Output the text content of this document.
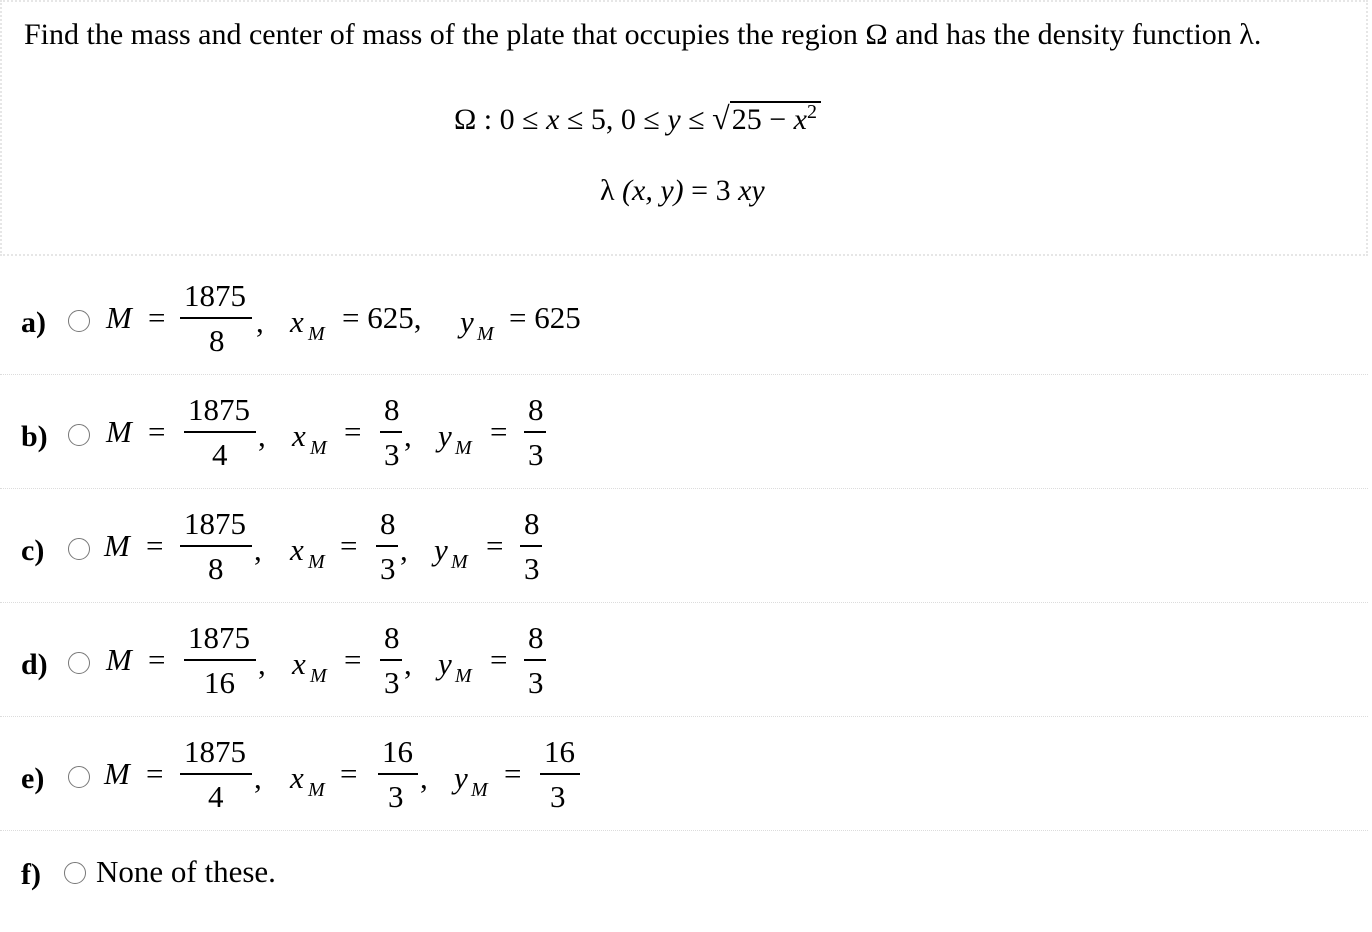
Find the mass and center of mass of the plate that occupies the region Ω and has the density function λ.
Ω : 0 ≤ x ≤ 5, $0 \le y \le √25 - x^2$
λ (x, y) = 3 xy
a) M =
1875
8
, x M = 625, y M = 625
b) M =
1875
4
, x M =
8
3
, y M =
8
3
c) M =
1875
8
, x M =
8
3
, y M =
8
3
d) M =
1875
16
, x M =
8
3
, y M =
8
3
e) M =
1875
4
, x M =
16
3
, y M =
16
3
f) None of these.
